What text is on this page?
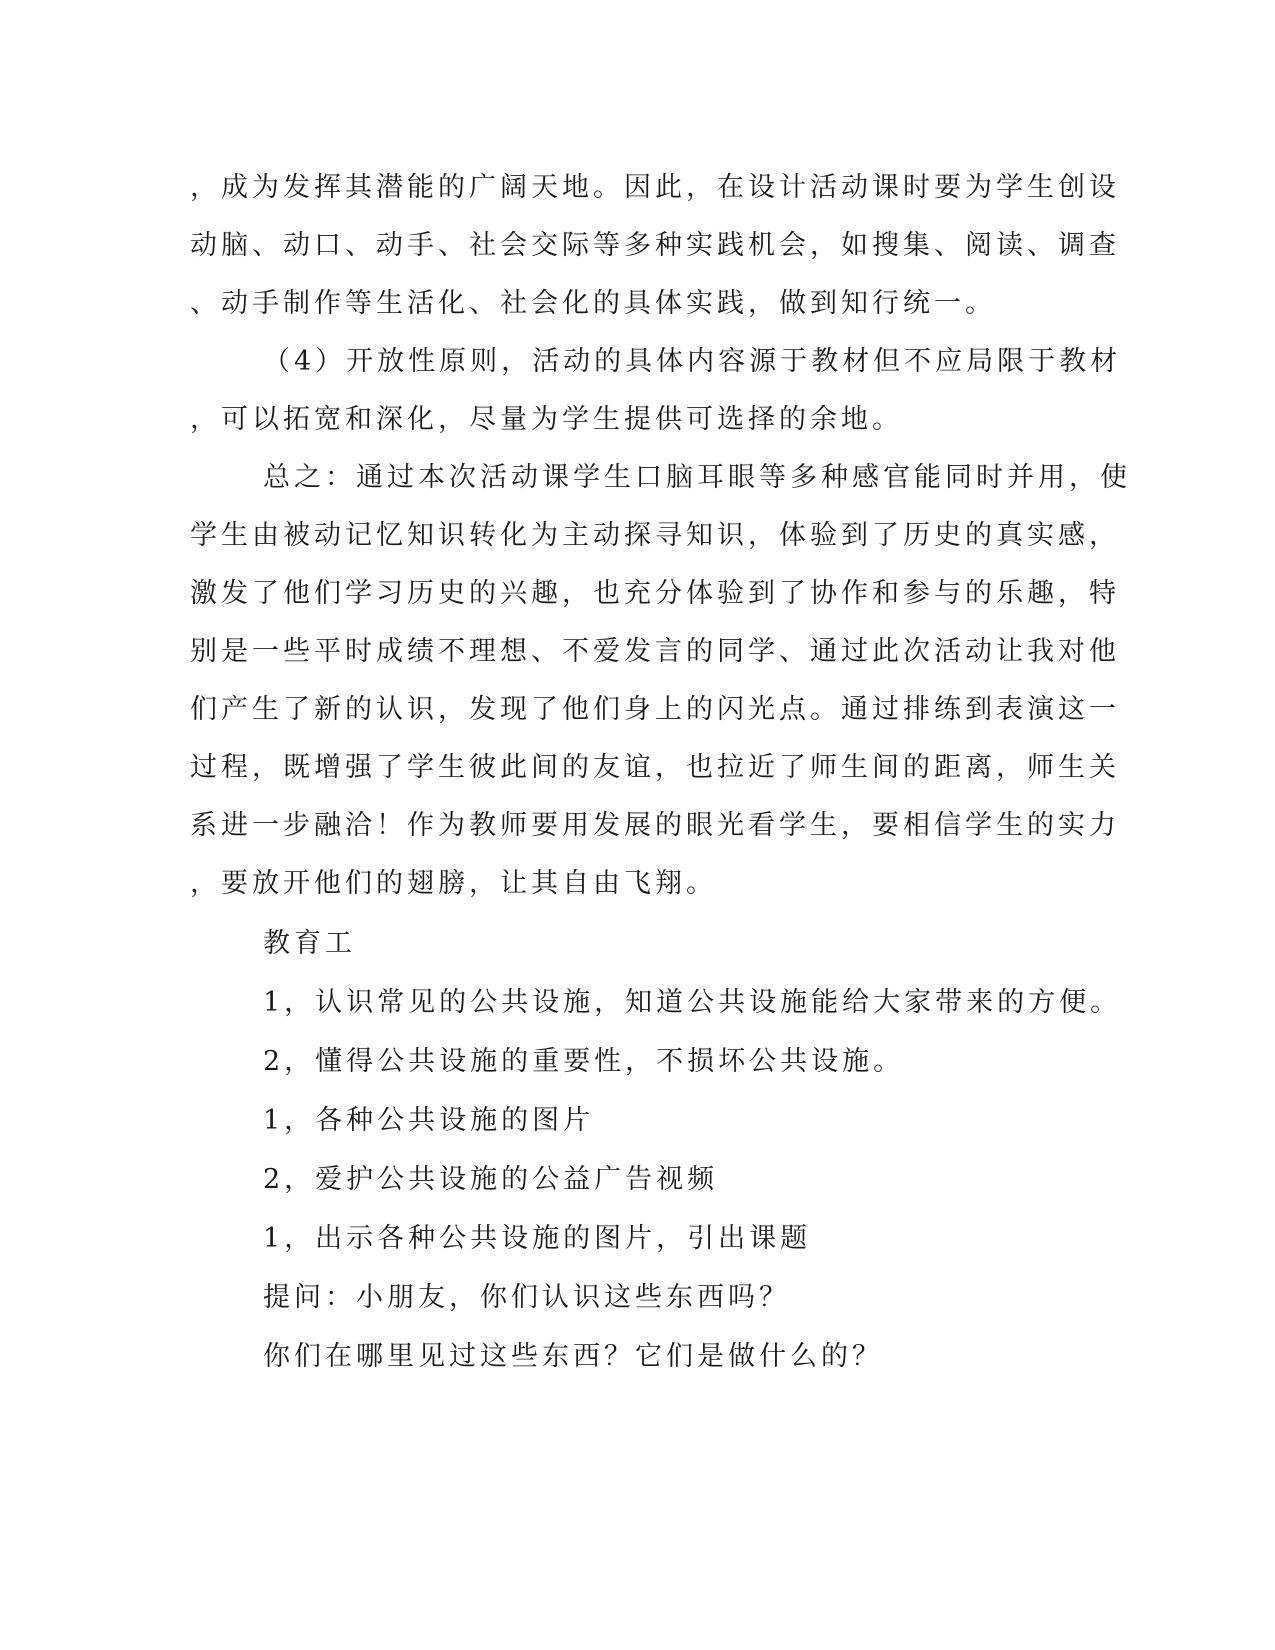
，成为发挥其潜能的广阔天地。因此，在设计活动课时要为学生创设
动脑、动口、动手、社会交际等多种实践机会，如搜集、阅读、调查
、动手制作等生活化、社会化的具体实践，做到知行统一。
（4）开放性原则，活动的具体内容源于教材但不应局限于教材
，可以拓宽和深化，尽量为学生提供可选择的余地。
总之：通过本次活动课学生口脑耳眼等多种感官能同时并用，使
学生由被动记忆知识转化为主动探寻知识，体验到了历史的真实感，
激发了他们学习历史的兴趣，也充分体验到了协作和参与的乐趣，特
别是一些平时成绩不理想、不爱发言的同学、通过此次活动让我对他
们产生了新的认识，发现了他们身上的闪光点。通过排练到表演这一
过程，既增强了学生彼此间的友谊，也拉近了师生间的距离，师生关
系进一步融洽！作为教师要用发展的眼光看学生，要相信学生的实力
，要放开他们的翅膀，让其自由飞翔。
教育工
1，认识常见的公共设施，知道公共设施能给大家带来的方便。
2，懂得公共设施的重要性，不损坏公共设施。
1，各种公共设施的图片
2，爱护公共设施的公益广告视频
1，出示各种公共设施的图片，引出课题
提问：小朋友，你们认识这些东西吗？
你们在哪里见过这些东西？它们是做什么的？
